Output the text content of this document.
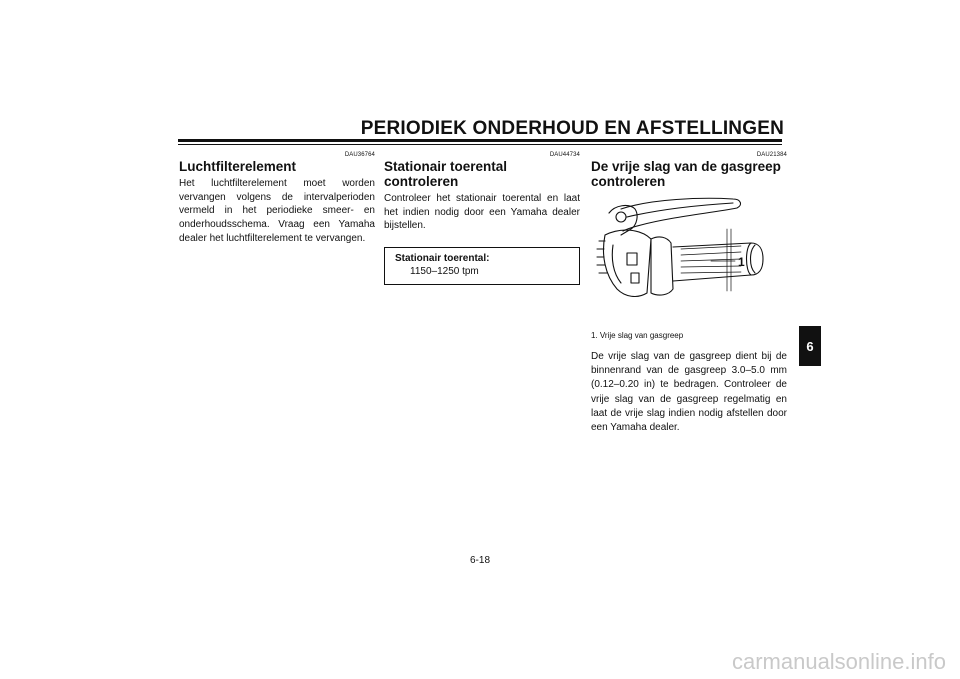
PERIODIEK ONDERHOUD EN AFSTELLINGEN
DAU36764
Luchtfilterelement

Het luchtfilterelement moet worden vervangen volgens de intervalperioden vermeld in het periodieke smeer- en onderhoudsschema. Vraag een Yamaha dealer het luchtfilterelement te vervangen.

DAU44734
Stationair toerental controleren

Controleer het stationair toerental en laat het indien nodig door een Yamaha dealer bijstellen.

Stationair toerental:
1150–1250 tpm
DAU21384
De vrije slag van de gasgreep controleren
1
1. Vrije slag van gasgreep

De vrije slag van de gasgreep dient bij de binnenrand van de gasgreep 3.0–5.0 mm (0.12–0.20 in) te bedragen. Controleer de vrije slag van de gasgreep regelmatig en laat de vrije slag indien nodig afstellen door een Yamaha dealer.

6
6-18
carmanualsonline.info
